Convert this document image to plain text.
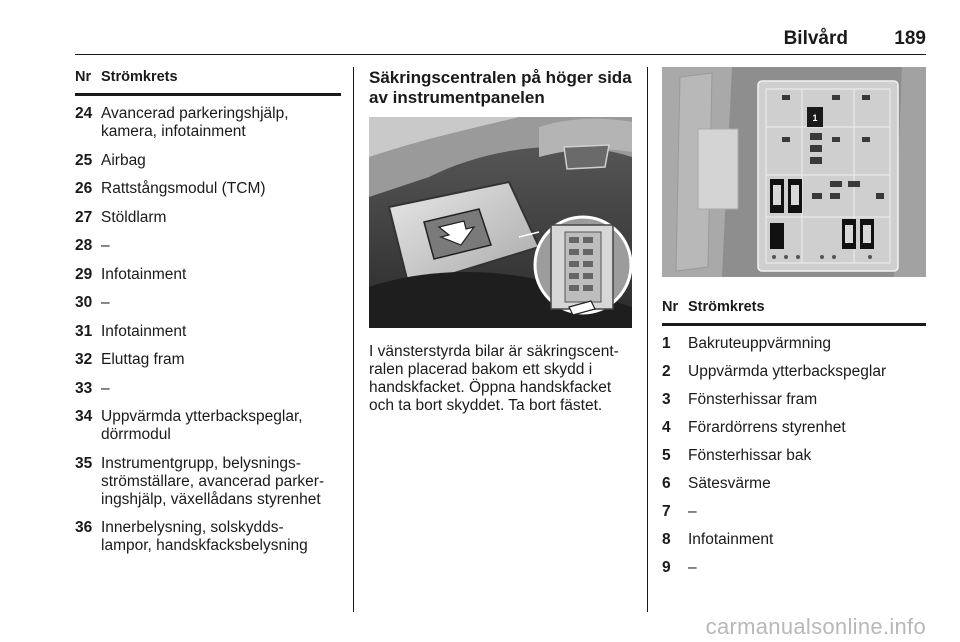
Bilvård 189
Nr Strömkrets
24 Avancerad parkeringshjälp,
kamera, infotainment
25 Airbag
26 Rattstångsmodul (TCM)
27 Stöldlarm
28 –
29 Infotainment
30 –
31 Infotainment
32 Eluttag fram
33 –
34 Uppvärmda ytterbackspeglar,
dörrmodul
35 Instrumentgrupp, belysnings-
strömställare, avancerad parker-
ingshjälp, växellådans styrenhet
36 Innerbelysning, solskydds-
lampor, handskfacksbelysning
Säkringscentralen på höger sida
av instrumentpanelen
I vänsterstyrda bilar är säkringscent-
ralen placerad bakom ett skydd i
handskfacket. Öppna handskfacket
och ta bort skyddet. Ta bort fästet.
1
Nr Strömkrets
1 Bakruteuppvärmning
2 Uppvärmda ytterbackspeglar
3 Fönsterhissar fram
4 Förardörrens styrenhet
5 Fönsterhissar bak
6 Sätesvärme
7 –
8 Infotainment
9 –
carmanualsonline.info
